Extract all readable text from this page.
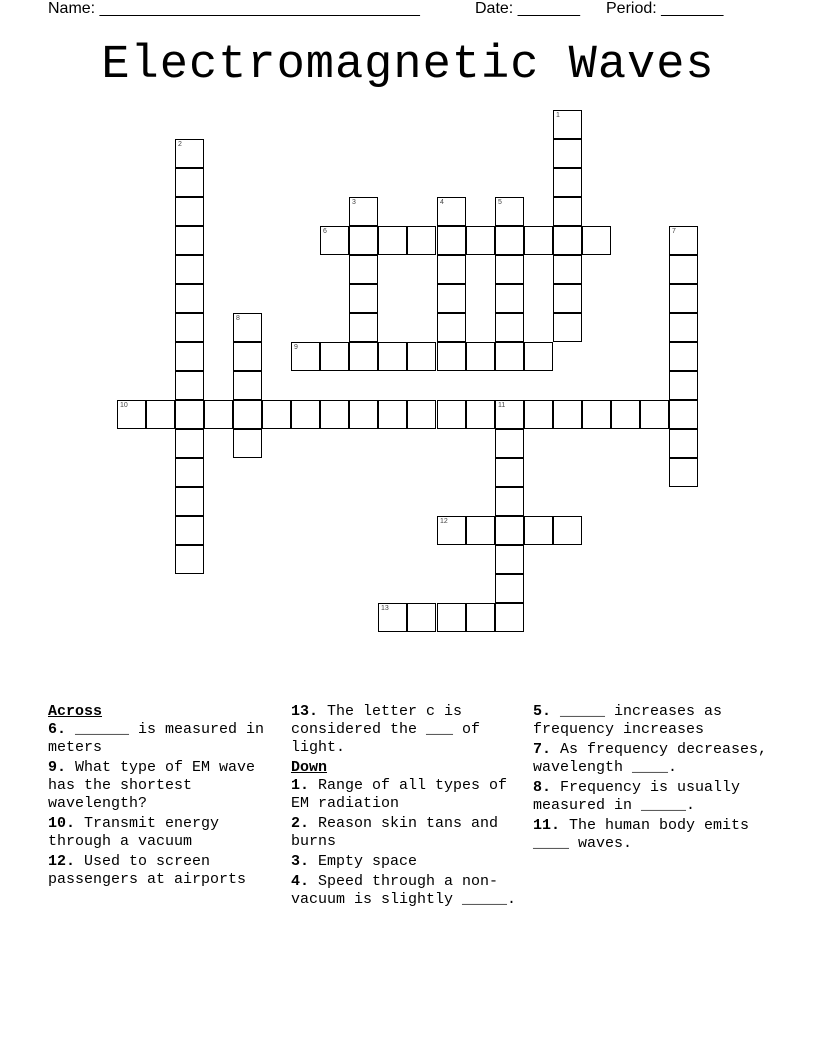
Name: ____________________________________	Date: _______ Period: _______
Electromagnetic Waves
1
2
3	4	5
6	7
8
9
10	11
12
13
Across
6. ______ is measured in meters
9. What type of EM wave has the shortest wavelength?
10. Transmit energy through a vacuum
12. Used to screen passengers at airports
13. The letter c is considered the ___ of light.
Down
1. Range of all types of EM radiation
2. Reason skin tans and burns
3. Empty space
4. Speed through a non-vacuum is slightly _____.
5. _____ increases as frequency increases
7. As frequency decreases, wavelength ____.
8. Frequency is usually measured in _____.
11. The human body emits ____ waves.
